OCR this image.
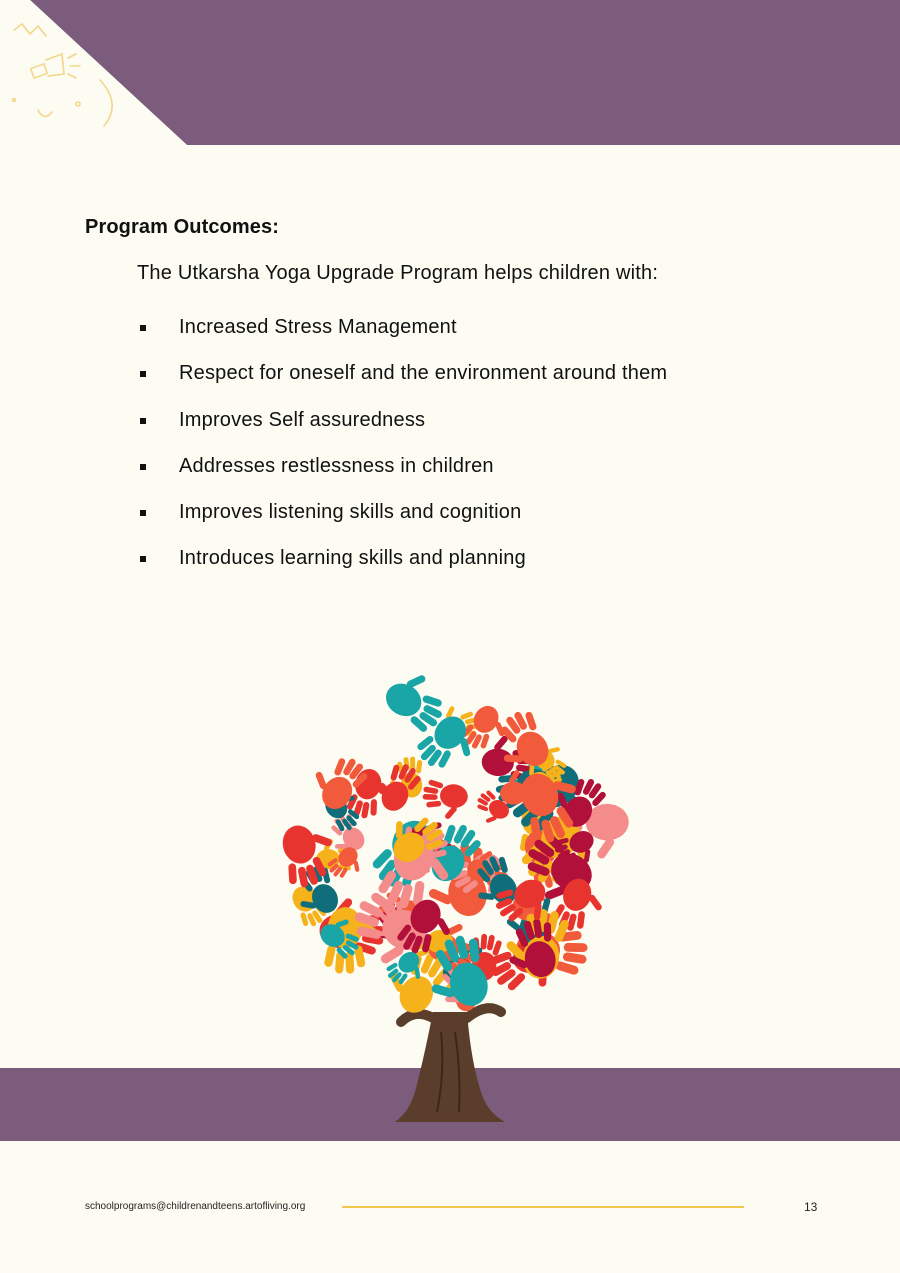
Program Outcomes:
The Utkarsha Yoga Upgrade Program helps children with:
Increased Stress Management
Respect for oneself and the environment around them
Improves Self assuredness
Addresses restlessness in children
Improves listening skills and cognition
Introduces learning skills and planning
schoolprograms@childrenandteens.artofliving.org	13
